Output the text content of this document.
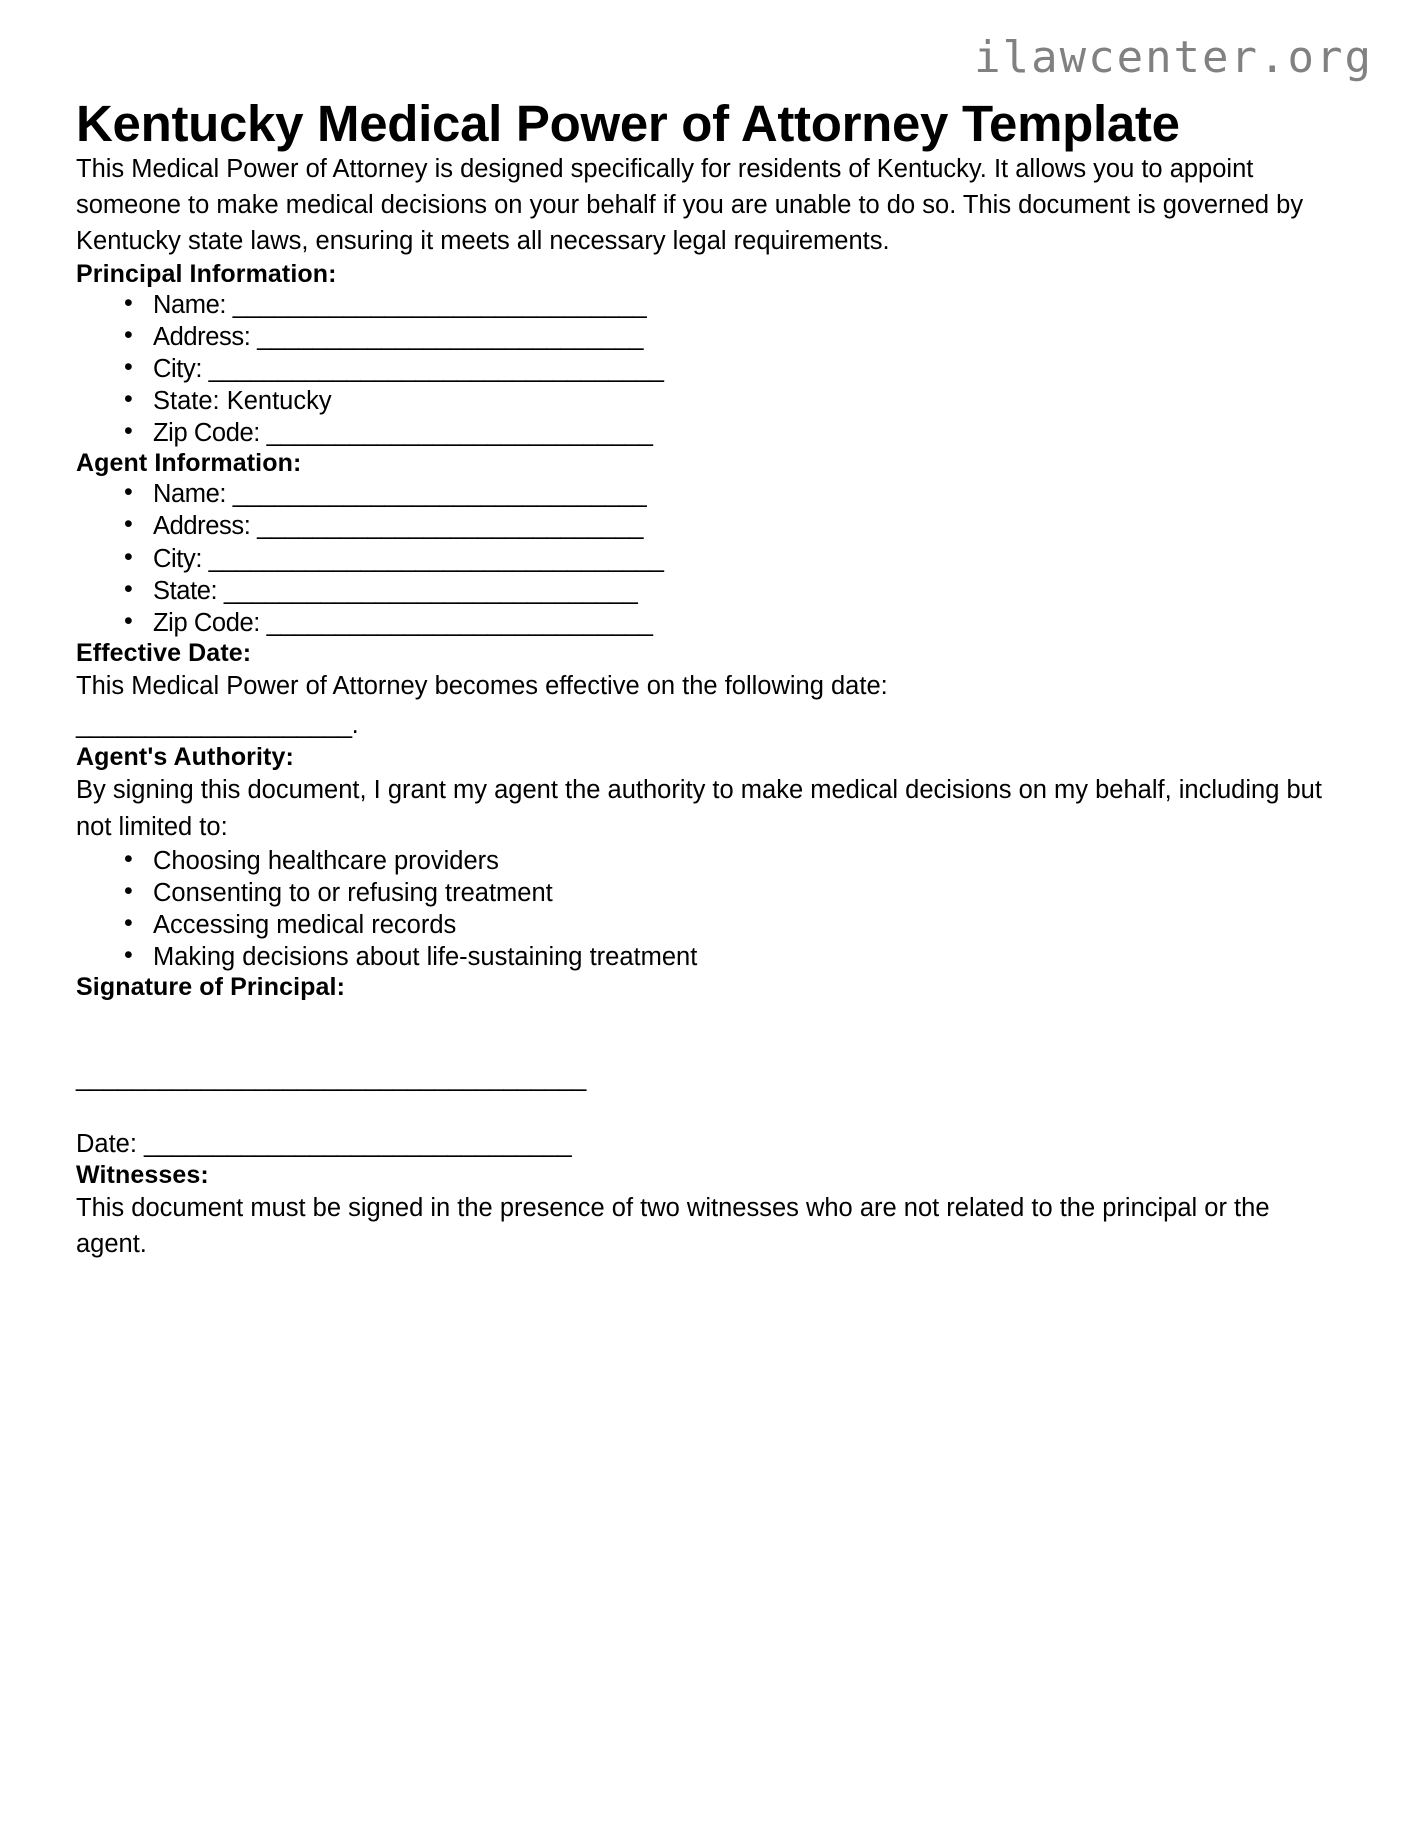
ilawcenter.org
Kentucky Medical Power of Attorney Template

This Medical Power of Attorney is designed specifically for residents of Kentucky. It allows you to appoint someone to make medical decisions on your behalf if you are unable to do so. This document is governed by Kentucky state laws, ensuring it meets all necessary legal requirements.

Principal Information:
• Name: ______________________________
• Address: ____________________________
• City: _________________________________
• State: Kentucky
• Zip Code: ____________________________
Agent Information:
• Name: ______________________________
• Address: ____________________________
• City: _________________________________
• State: ______________________________
• Zip Code: ____________________________
Effective Date:

This Medical Power of Attorney becomes effective on the following date:

____________________.
Agent's Authority:

By signing this document, I grant my agent the authority to make medical decisions on my behalf, including but not limited to:

• Choosing healthcare providers
• Consenting to or refusing treatment
• Accessing medical records
• Making decisions about life-sustaining treatment
Signature of Principal:
_____________________________________
Date: _______________________________
Witnesses:

This document must be signed in the presence of two witnesses who are not related to the principal or the agent.
